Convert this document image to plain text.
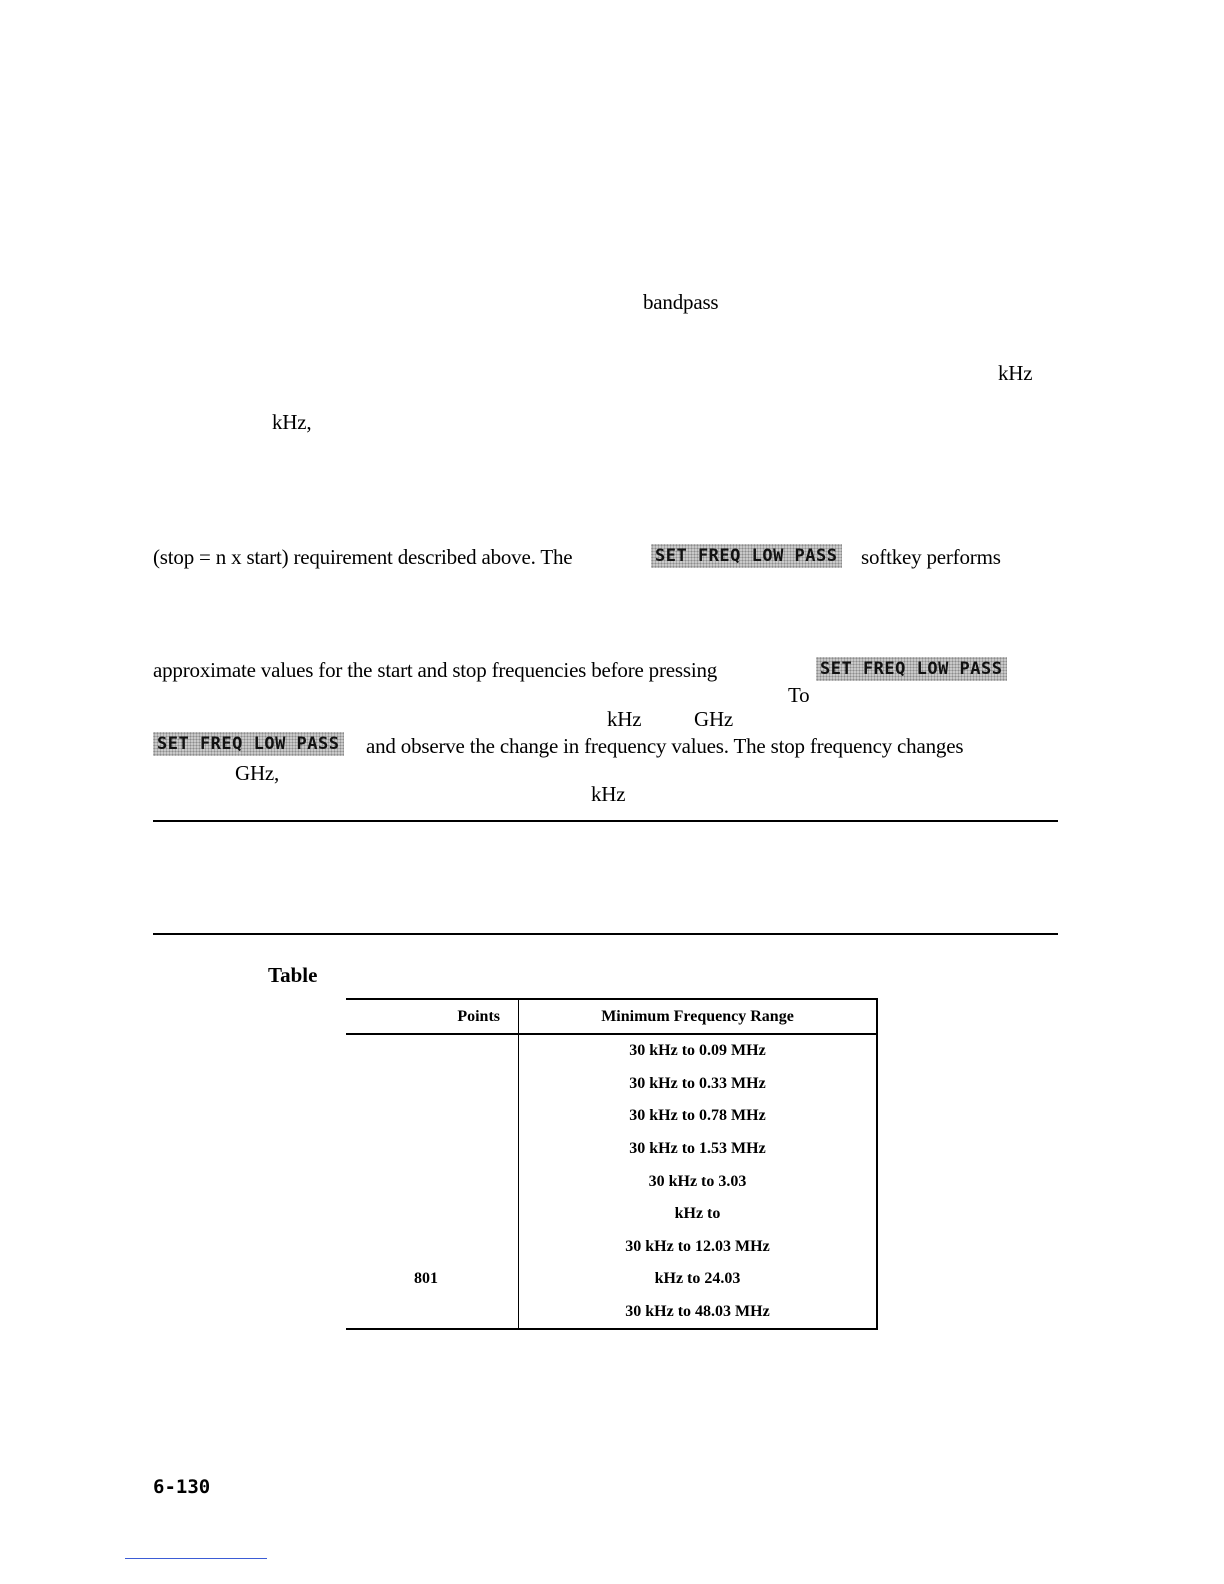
bandpass
kHz
kHz,
(stop = n x start) requirement described above. The	SET FREQ LOW PASS softkey performs
approximate values for the start and stop frequencies before pressing	SET FREQ LOW PASS
To
kHz	GHz
SET FREQ LOW PASS and observe the change in frequency values. The stop frequency changes
GHz,
kHz
Table
Points	Minimum Frequency Range
	30 kHz to 0.09 MHz
	30 kHz to 0.33 MHz
	30 kHz to 0.78 MHz
	30 kHz to 1.53 MHz
	30 kHz to 3.03
	kHz to
	30 kHz to 12.03 MHz
801	kHz to 24.03
	30 kHz to 48.03 MHz
6-130
